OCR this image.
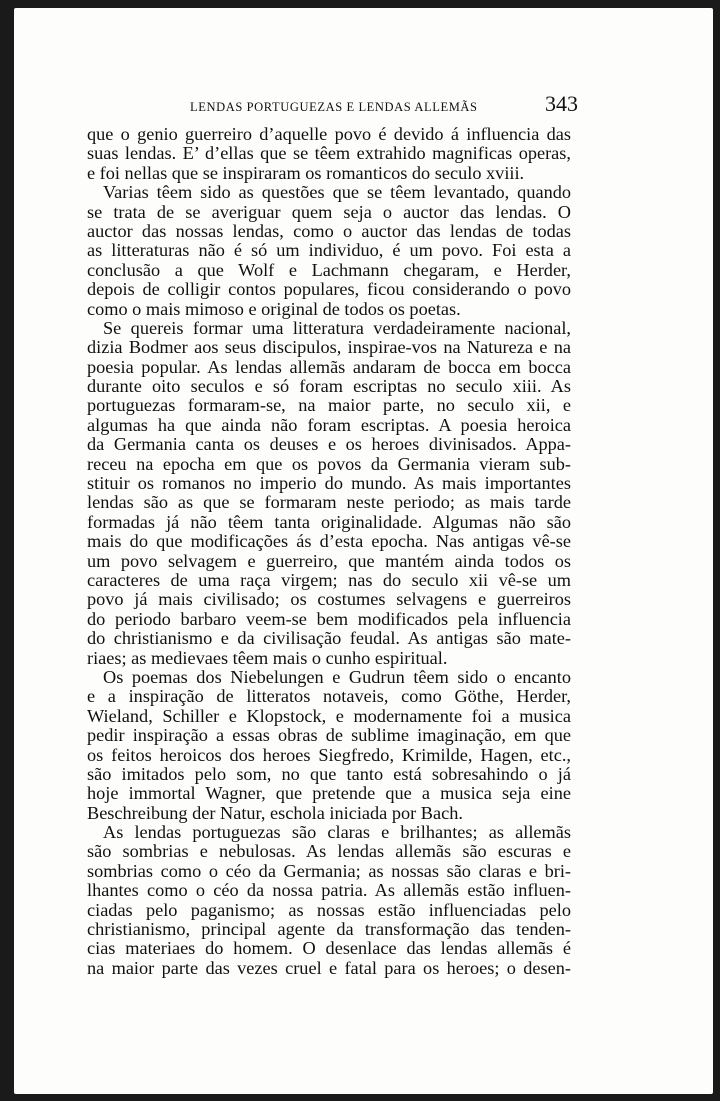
LENDAS PORTUGUEZAS E LENDAS ALLEMÃS	343
que o genio guerreiro d’aquelle povo é devido á influencia das
suas lendas. E’ d’ellas que se têem extrahido magnificas operas,
e foi nellas que se inspiraram os romanticos do seculo xviii.
Varias têem sido as questões que se têem levantado, quando
se trata de se averiguar quem seja o auctor das lendas. O
auctor das nossas lendas, como o auctor das lendas de todas
as litteraturas não é só um individuo, é um povo. Foi esta a
conclusão a que Wolf e Lachmann chegaram, e Herder,
depois de colligir contos populares, ficou considerando o povo
como o mais mimoso e original de todos os poetas.
Se quereis formar uma litteratura verdadeiramente nacional,
dizia Bodmer aos seus discipulos, inspirae-vos na Natureza e na
poesia popular. As lendas allemãs andaram de bocca em bocca
durante oito seculos e só foram escriptas no seculo xiii. As
portuguezas formaram-se, na maior parte, no seculo xii, e
algumas ha que ainda não foram escriptas. A poesia heroica
da Germania canta os deuses e os heroes divinisados. Appa-
receu na epocha em que os povos da Germania vieram sub-
stituir os romanos no imperio do mundo. As mais importantes
lendas são as que se formaram neste periodo; as mais tarde
formadas já não têem tanta originalidade. Algumas não são
mais do que modificações ás d’esta epocha. Nas antigas vê-se
um povo selvagem e guerreiro, que mantém ainda todos os
caracteres de uma raça virgem; nas do seculo xii vê-se um
povo já mais civilisado; os costumes selvagens e guerreiros
do periodo barbaro veem-se bem modificados pela influencia
do christianismo e da civilisação feudal. As antigas são mate-
riaes; as medievaes têem mais o cunho espiritual.
Os poemas dos Niebelungen e Gudrun têem sido o encanto
e a inspiração de litteratos notaveis, como Göthe, Herder,
Wieland, Schiller e Klopstock, e modernamente foi a musica
pedir inspiração a essas obras de sublime imaginação, em que
os feitos heroicos dos heroes Siegfredo, Krimilde, Hagen, etc.,
são imitados pelo som, no que tanto está sobresahindo o já
hoje immortal Wagner, que pretende que a musica seja eine
Beschreibung der Natur, eschola iniciada por Bach.
As lendas portuguezas são claras e brilhantes; as allemãs
são sombrias e nebulosas. As lendas allemãs são escuras e
sombrias como o céo da Germania; as nossas são claras e bri-
lhantes como o céo da nossa patria. As allemãs estão influen-
ciadas pelo paganismo; as nossas estão influenciadas pelo
christianismo, principal agente da transformação das tenden-
cias materiaes do homem. O desenlace das lendas allemãs é
na maior parte das vezes cruel e fatal para os heroes; o desen-
